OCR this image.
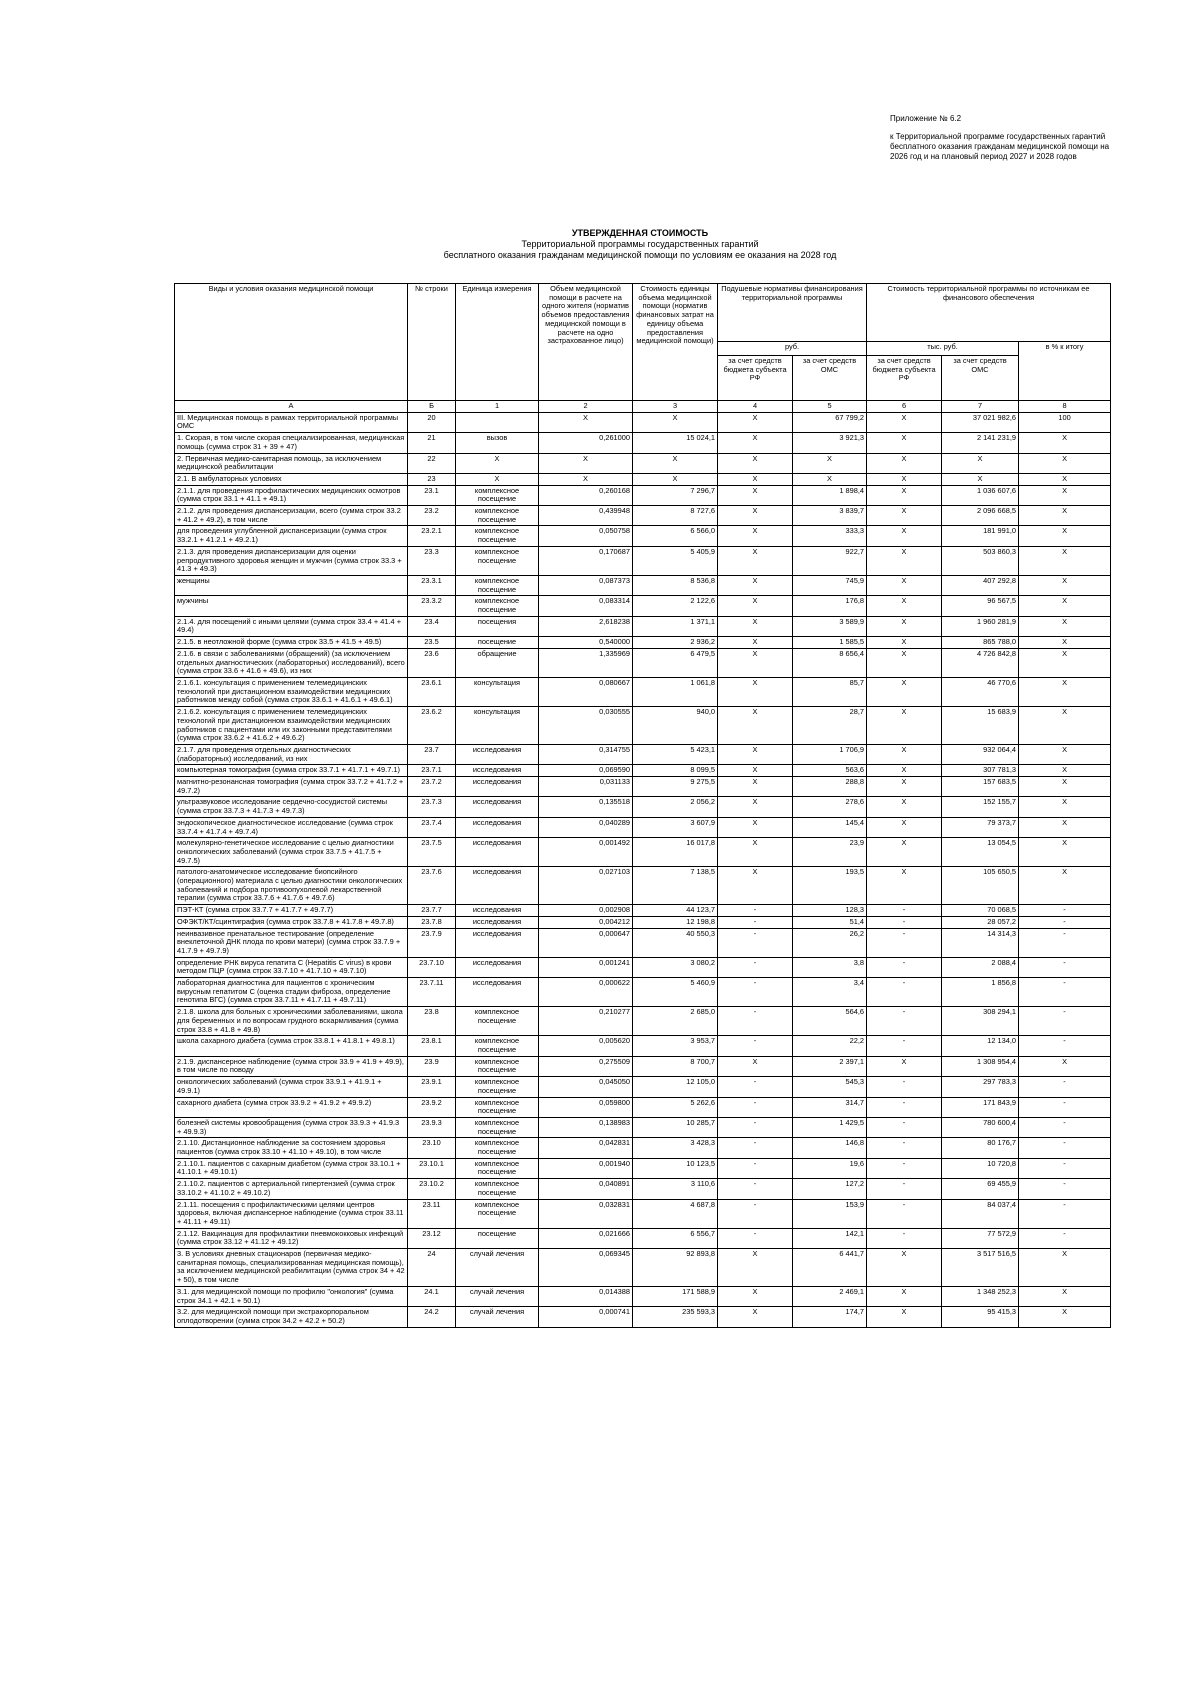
Приложение № 6.2
к Территориальной программе государственных гарантий бесплатного оказания гражданам медицинской помощи на 2026 год и на плановый период 2027 и 2028 годов
УТВЕРЖДЕННАЯ СТОИМОСТЬ
Территориальной программы государственных гарантий
бесплатного оказания гражданам медицинской помощи по условиям ее оказания на 2028 год
Виды и условия оказания медицинской помощи	№ строки	Единица измерения	Объем медицинской помощи в расчете на одного жителя (норматив объемов предоставления медицинской помощи в расчете на одно застрахованное лицо)	Стоимость единицы объема медицинской помощи (норматив финансовых затрат на единицу объема предоставления медицинской помощи)	Подушевые нормативы финансирования территориальной программы		Стоимость территориальной программы по источникам ее финансового обеспечения		
					руб.		тыс. руб.		в % к итогу
					за счет средств бюджета субъекта РФ	за счет средств ОМС	за счет средств бюджета субъекта РФ	за счет средств ОМС	
А	Б	1	2	3	4	5	6	7	8
III. Медицинская помощь в рамках территориальной программы ОМС	20		X	X	X	67 799,2	X	37 021 982,6	100
1. Скорая, в том числе скорая специализированная, медицинская помощь (сумма строк 31 + 39 + 47)	21	вызов	0,261000	15 024,1	X	3 921,3	X	2 141 231,9	X
2. Первичная медико-санитарная помощь, за исключением медицинской реабилитации	22	X	X	X	X	X	X	X	X
2.1. В амбулаторных условиях	23	X	X	X	X	X	X	X	X
2.1.1. для проведения профилактических медицинских осмотров (сумма строк 33.1 + 41.1 + 49.1)	23.1	комплексное посещение	0,260168	7 296,7	X	1 898,4	X	1 036 607,6	X
2.1.2. для проведения диспансеризации, всего (сумма строк 33.2 + 41.2 + 49.2), в том числе	23.2	комплексное посещение	0,439948	8 727,6	X	3 839,7	X	2 096 668,5	X
для проведения углубленной диспансеризации (сумма строк 33.2.1 + 41.2.1 + 49.2.1)	23.2.1	комплексное посещение	0,050758	6 566,0	X	333,3	X	181 991,0	X
2.1.3. для проведения диспансеризации для оценки репродуктивного здоровья женщин и мужчин (сумма строк 33.3 + 41.3 + 49.3)	23.3	комплексное посещение	0,170687	5 405,9	X	922,7	X	503 860,3	X
женщины	23.3.1	комплексное посещение	0,087373	8 536,8	X	745,9	X	407 292,8	X
мужчины	23.3.2	комплексное посещение	0,083314	2 122,6	X	176,8	X	96 567,5	X
2.1.4. для посещений с иными целями (сумма строк 33.4 + 41.4 + 49.4)	23.4	посещения	2,618238	1 371,1	X	3 589,9	X	1 960 281,9	X
2.1.5. в неотложной форме (сумма строк 33.5 + 41.5 + 49.5)	23.5	посещение	0,540000	2 936,2	X	1 585,5	X	865 788,0	X
2.1.6. в связи с заболеваниями (обращений) (за исключением отдельных диагностических (лабораторных) исследований), всего (сумма строк 33.6 + 41.6 + 49.6), из них	23.6	обращение	1,335969	6 479,5	X	8 656,4	X	4 726 842,8	X
2.1.6.1. консультация с применением телемедицинских технологий при дистанционном взаимодействии медицинских работников между собой (сумма строк 33.6.1 + 41.6.1 + 49.6.1)	23.6.1	консультация	0,080667	1 061,8	X	85,7	X	46 770,6	X
2.1.6.2. консультация с применением телемедицинских технологий при дистанционном взаимодействии медицинских работников с пациентами или их законными представителями (сумма строк 33.6.2 + 41.6.2 + 49.6.2)	23.6.2	консультация	0,030555	940,0	X	28,7	X	15 683,9	X
2.1.7. для проведения отдельных диагностических (лабораторных) исследований, из них	23.7	исследования	0,314755	5 423,1	X	1 706,9	X	932 064,4	X
компьютерная томография (сумма строк 33.7.1 + 41.7.1 + 49.7.1)	23.7.1	исследования	0,069590	8 099,5	X	563,6	X	307 781,3	X
магнитно-резонансная томография (сумма строк 33.7.2 + 41.7.2 + 49.7.2)	23.7.2	исследования	0,031133	9 275,5	X	288,8	X	157 683,5	X
ультразвуковое исследование сердечно-сосудистой системы (сумма строк 33.7.3 + 41.7.3 + 49.7.3)	23.7.3	исследования	0,135518	2 056,2	X	278,6	X	152 155,7	X
эндоскопическое диагностическое исследование (сумма строк 33.7.4 + 41.7.4 + 49.7.4)	23.7.4	исследования	0,040289	3 607,9	X	145,4	X	79 373,7	X
молекулярно-генетическое исследование с целью диагностики онкологических заболеваний (сумма строк 33.7.5 + 41.7.5 + 49.7.5)	23.7.5	исследования	0,001492	16 017,8	X	23,9	X	13 054,5	X
патолого-анатомическое исследование биопсийного (операционного) материала с целью диагностики онкологических заболеваний и подбора противоопухолевой лекарственной терапии (сумма строк 33.7.6 + 41.7.6 + 49.7.6)	23.7.6	исследования	0,027103	7 138,5	X	193,5	X	105 650,5	X
ПЭТ-КТ (сумма строк 33.7.7 + 41.7.7 + 49.7.7)	23.7.7	исследования	0,002908	44 123,7	-	128,3	-	70 068,5	-
ОФЭКТ/КТ/сцинтиграфия (сумма строк 33.7.8 + 41.7.8 + 49.7.8)	23.7.8	исследования	0,004212	12 198,8	-	51,4	-	28 057,2	-
неинвазивное пренатальное тестирование (определение внеклеточной ДНК плода по крови матери) (сумма строк 33.7.9 + 41.7.9 + 49.7.9)	23.7.9	исследования	0,000647	40 550,3	-	26,2	-	14 314,3	-
определение РНК вируса гепатита С (Hepatitis C virus) в крови методом ПЦР (сумма строк 33.7.10 + 41.7.10 + 49.7.10)	23.7.10	исследования	0,001241	3 080,2	-	3,8	-	2 088,4	-
лабораторная диагностика для пациентов с хроническим вирусным гепатитом С (оценка стадии фиброза, определение генотипа ВГС) (сумма строк 33.7.11 + 41.7.11 + 49.7.11)	23.7.11	исследования	0,000622	5 460,9	-	3,4	-	1 856,8	-
2.1.8. школа для больных с хроническими заболеваниями, школа для беременных и по вопросам грудного вскармливания (сумма строк 33.8 + 41.8 + 49.8)	23.8	комплексное посещение	0,210277	2 685,0	-	564,6	-	308 294,1	-
школа сахарного диабета (сумма строк 33.8.1 + 41.8.1 + 49.8.1)	23.8.1	комплексное посещение	0,005620	3 953,7	-	22,2	-	12 134,0	-
2.1.9. диспансерное наблюдение (сумма строк 33.9 + 41.9 + 49.9), в том числе по поводу	23.9	комплексное посещение	0,275509	8 700,7	X	2 397,1	X	1 308 954,4	X
онкологических заболеваний (сумма строк 33.9.1 + 41.9.1 + 49.9.1)	23.9.1	комплексное посещение	0,045050	12 105,0	-	545,3	-	297 783,3	-
сахарного диабета (сумма строк 33.9.2 + 41.9.2 + 49.9.2)	23.9.2	комплексное посещение	0,059800	5 262,6	-	314,7	-	171 843,9	-
болезней системы кровообращения (сумма строк 33.9.3 + 41.9.3 + 49.9.3)	23.9.3	комплексное посещение	0,138983	10 285,7	-	1 429,5	-	780 600,4	-
2.1.10. Дистанционное наблюдение за состоянием здоровья пациентов (сумма строк 33.10 + 41.10 + 49.10), в том числе	23.10	комплексное посещение	0,042831	3 428,3	-	146,8	-	80 176,7	-
2.1.10.1. пациентов с сахарным диабетом (сумма строк 33.10.1 + 41.10.1 + 49.10.1)	23.10.1	комплексное посещение	0,001940	10 123,5	-	19,6	-	10 720,8	-
2.1.10.2. пациентов с артериальной гипертензией (сумма строк 33.10.2 + 41.10.2 + 49.10.2)	23.10.2	комплексное посещение	0,040891	3 110,6	-	127,2	-	69 455,9	-
2.1.11. посещения с профилактическими целями центров здоровья, включая диспансерное наблюдение (сумма строк 33.11 + 41.11 + 49.11)	23.11	комплексное посещение	0,032831	4 687,8	-	153,9	-	84 037,4	-
2.1.12. Вакцинация для профилактики пневмококковых инфекций (сумма строк 33.12 + 41.12 + 49.12)	23.12	посещение	0,021666	6 556,7	-	142,1	-	77 572,9	-
3. В условиях дневных стационаров (первичная медико-санитарная помощь, специализированная медицинская помощь), за исключением медицинской реабилитации (сумма строк 34 + 42 + 50), в том числе	24	случай лечения	0,069345	92 893,8	X	6 441,7	X	3 517 516,5	X
3.1. для медицинской помощи по профилю "онкология" (сумма строк 34.1 + 42.1 + 50.1)	24.1	случай лечения	0,014388	171 588,9	X	2 469,1	X	1 348 252,3	X
3.2. для медицинской помощи при экстракорпоральном оплодотворении (сумма строк 34.2 + 42.2 + 50.2)	24.2	случай лечения	0,000741	235 593,3	X	174,7	X	95 415,3	X
